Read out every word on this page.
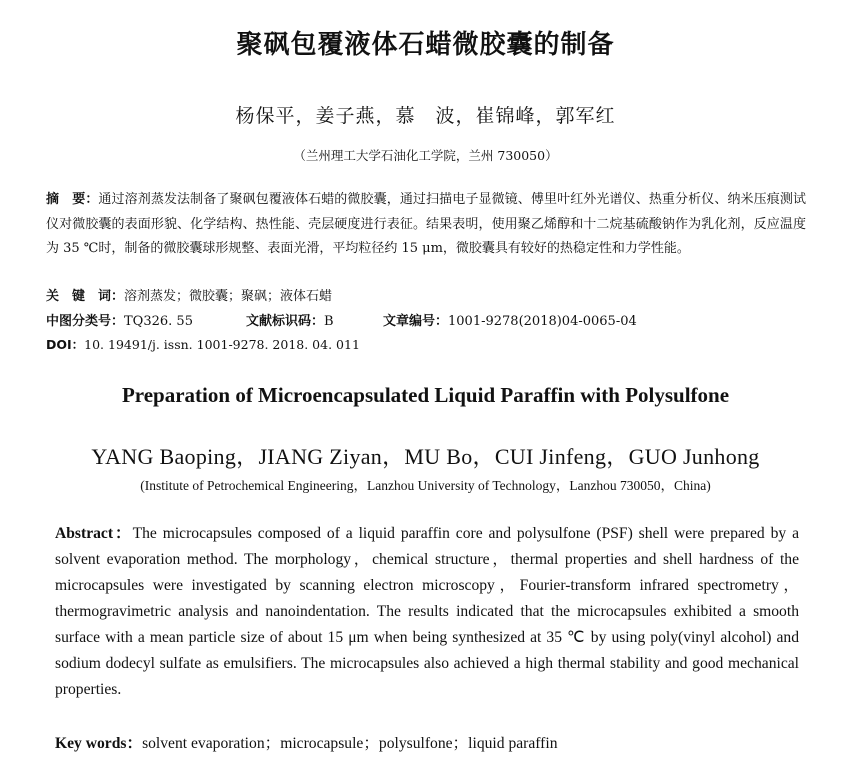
聚砜包覆液体石蜡微胶囊的制备
杨保平，姜子燕，慕　波，崔锦峰，郭军红
（兰州理工大学石油化工学院，兰州 730050）
摘　要：通过溶剂蒸发法制备了聚砜包覆液体石蜡的微胶囊，通过扫描电子显微镜、傅里叶红外光谱仪、热重分析仪、纳米压痕测试仪对微胶囊的表面形貌、化学结构、热性能、壳层硬度进行表征。结果表明，使用聚乙烯醇和十二烷基硫酸钠作为乳化剂，反应温度为 35 ℃时，制备的微胶囊球形规整、表面光滑，平均粒径约 15 μm，微胶囊具有较好的热稳定性和力学性能。
关　键　词：溶剂蒸发；微胶囊；聚砜；液体石蜡
中图分类号：TQ326. 55	文献标识码：B	文章编号：1001-9278(2018)04-0065-04
DOI：10. 19491/j. issn. 1001-9278. 2018. 04. 011
Preparation of Microencapsulated Liquid Paraffin with Polysulfone
YANG Baoping，JIANG Ziyan，MU Bo，CUI Jinfeng，GUO Junhong
(Institute of Petrochemical Engineering，Lanzhou University of Technology，Lanzhou 730050，China)
Abstract：The microcapsules composed of a liquid paraffin core and polysulfone (PSF) shell were prepared by a solvent evaporation method. The morphology，chemical structure，thermal properties and shell hardness of the microcapsules were investigated by scanning electron microscopy，Fourier-transform infrared spectrometry，thermogravimetric analysis and nanoindentation. The results indicated that the microcapsules exhibited a smooth surface with a mean particle size of about 15 μm when being synthesized at 35 ℃ by using poly(vinyl alcohol) and sodium dodecyl sulfate as emulsifiers. The microcapsules also achieved a high thermal stability and good mechanical properties.
Key words：solvent evaporation；microcapsule；polysulfone；liquid paraffin
